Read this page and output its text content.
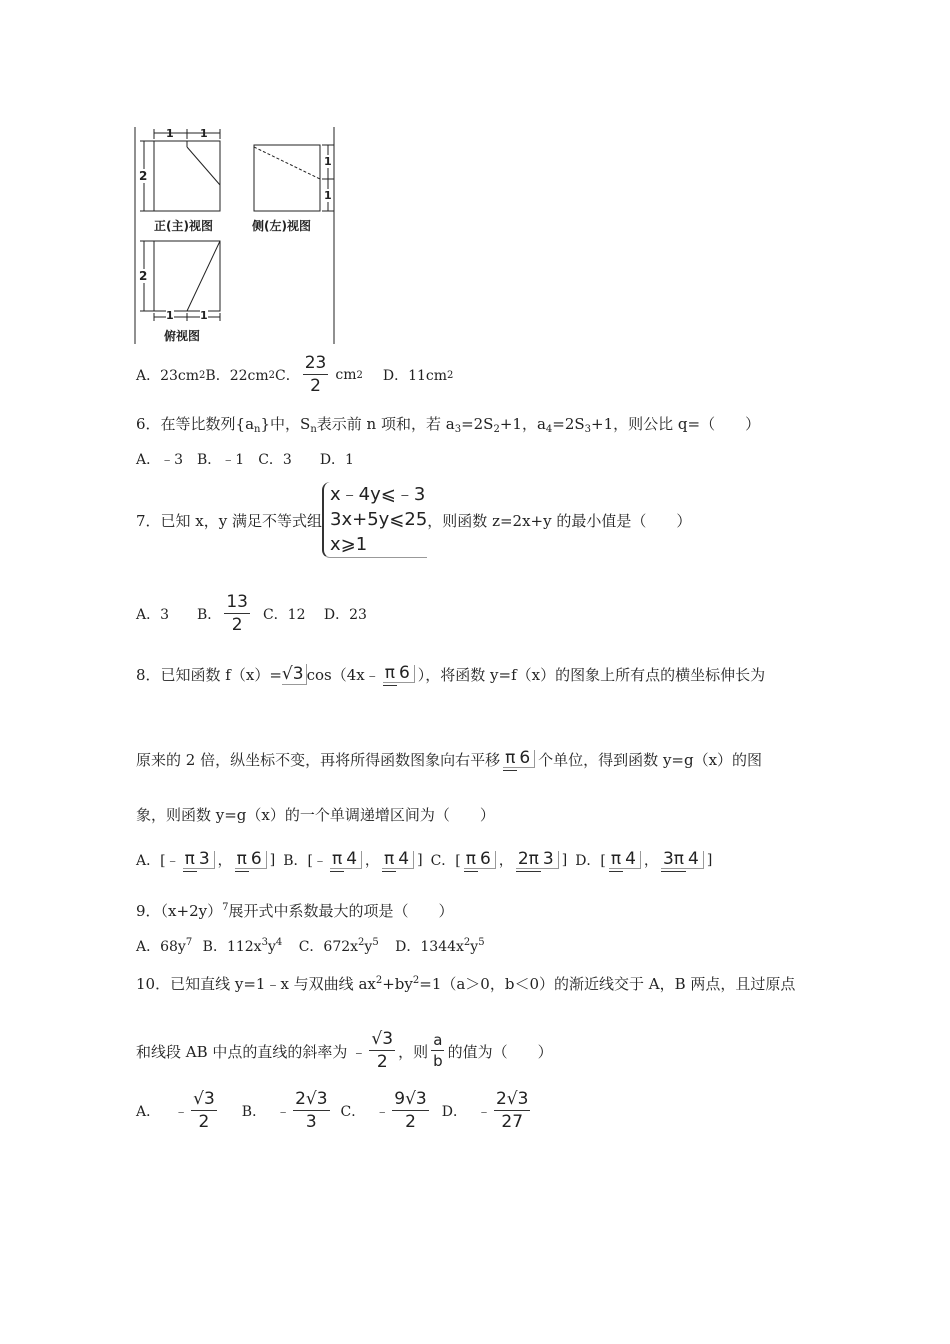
1 1
2
1
1
正(主)视图	侧(左)视图
2
1 1
俯视图
A．23cm 2 B．22cm 2 C． $\frac{23}{2}$ cm 2 D．11cm 2
6．在等比数列$\{a_n\}$中，$S_n$表示前 n 项和，若 $a_3=2S_2+1$，$a_4=2S_3+1$，则公比 q=（　　）
A．﹣3　B．﹣1　C．3　　D．1
7．已知 x，y 满足不等式组
x﹣4y⩽﹣3
3x+5y⩽25
x⩾1
，则函数 z=2x+y 的最小值是（　　）
A．3　　B． $\frac{13}{2}$ C．12　 D．23
8．已知函数 f（x）= √3 cos（4x﹣ π 6 ），将函数 y=f（x）的图象上所有点的横坐标伸长为
原来的 2 倍，纵坐标不变，再将所得函数图象向右平移 π 6 个单位，得到函数 y=g（x）的图
象，则函数 y=g（x）的一个单调递增区间为（　　）
A．[﹣ π 3 ， π 6 ] B．[﹣ π 4 ， π 4 ] C．[ π 6 ， 2π 3 ] D．[ π 4 ， 3π 4 ]
9．$(x+2y)^7$展开式中系数最大的项是（　　）
A．$68y^7$ B．$112x^3y^4$ C．$672x^2y^5$ D．$1344x^2y^5$
10．已知直线 y=1﹣x 与双曲线 $ax^2+by^2=1(a>0$，b＜0）的渐近线交于 A，B 两点，且过原点
和线段 AB 中点的直线的斜率为 ﹣ $\frac{√3}{2}$ ，则 $\frac{a}{b}$ 的值为（　　）
A． ﹣ $\frac{√3}{2}$ B． ﹣ $\frac{2√3}{3}$ C． ﹣ $\frac{9√3}{2}$ D． ﹣ $\frac{2√3}{27}$
